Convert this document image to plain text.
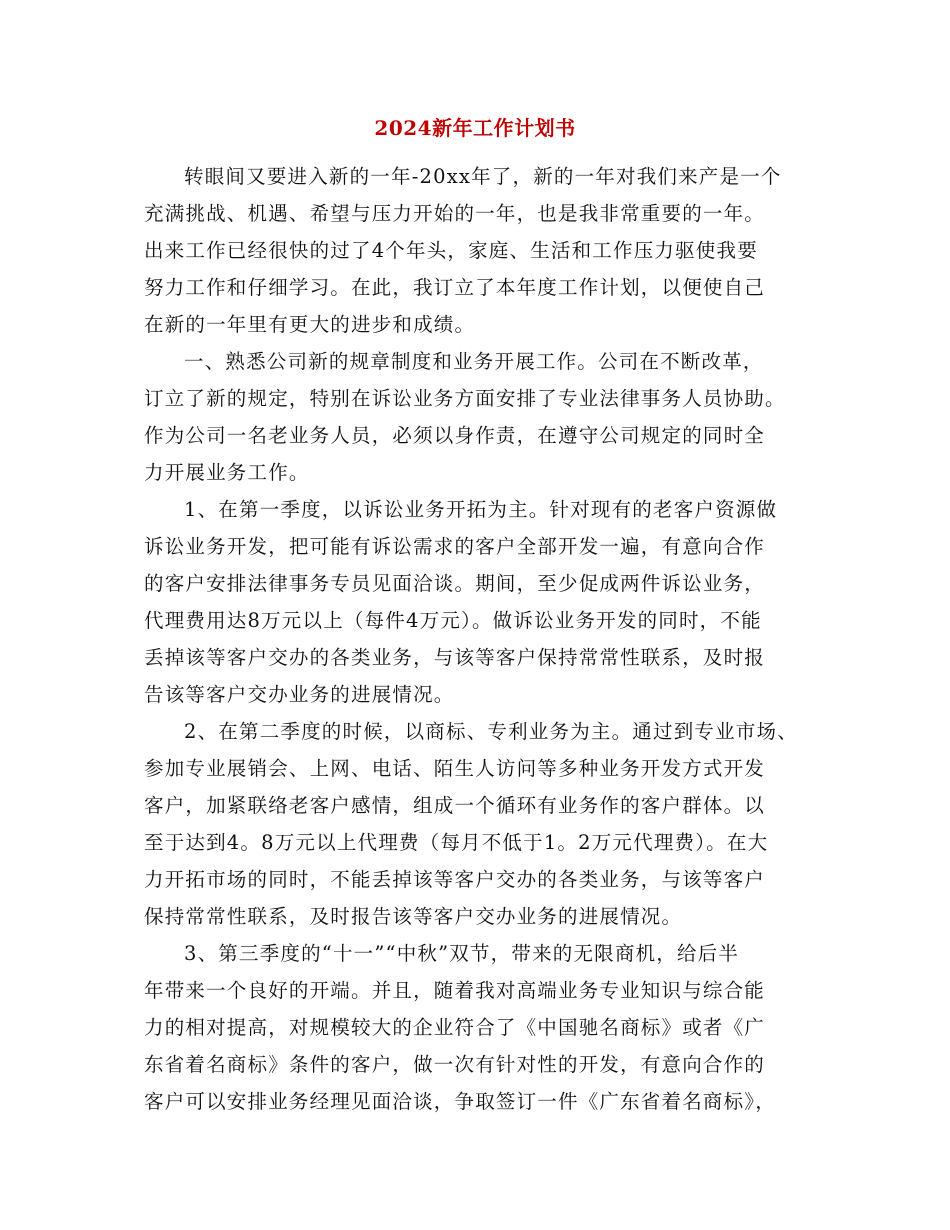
2024新年工作计划书

转眼间又要进入新的一年-20xx年了，新的一年对我们来产是一个

充满挑战、机遇、希望与压力开始的一年，也是我非常重要的一年。

出来工作已经很快的过了4个年头，家庭、生活和工作压力驱使我要

努力工作和仔细学习。在此，我订立了本年度工作计划，以便使自己

在新的一年里有更大的进步和成绩。

一、熟悉公司新的规章制度和业务开展工作。公司在不断改革，

订立了新的规定，特别在诉讼业务方面安排了专业法律事务人员协助。

作为公司一名老业务人员，必须以身作责，在遵守公司规定的同时全

力开展业务工作。

1、在第一季度，以诉讼业务开拓为主。针对现有的老客户资源做

诉讼业务开发，把可能有诉讼需求的客户全部开发一遍，有意向合作

的客户安排法律事务专员见面洽谈。期间，至少促成两件诉讼业务，

代理费用达8万元以上（每件4万元）。做诉讼业务开发的同时，不能

丢掉该等客户交办的各类业务，与该等客户保持常常性联系，及时报

告该等客户交办业务的进展情况。

2、在第二季度的时候，以商标、专利业务为主。通过到专业市场、

参加专业展销会、上网、电话、陌生人访问等多种业务开发方式开发

客户，加紧联络老客户感情，组成一个循环有业务作的客户群体。以

至于达到4。8万元以上代理费（每月不低于1。2万元代理费）。在大

力开拓市场的同时，不能丢掉该等客户交办的各类业务，与该等客户

保持常常性联系，及时报告该等客户交办业务的进展情况。

3、第三季度的“十一”“中秋”双节，带来的无限商机，给后半

年带来一个良好的开端。并且，随着我对高端业务专业知识与综合能

力的相对提高，对规模较大的企业符合了《中国驰名商标》或者《广

东省着名商标》条件的客户，做一次有针对性的开发，有意向合作的

客户可以安排业务经理见面洽谈，争取签订一件《广东省着名商标》，
